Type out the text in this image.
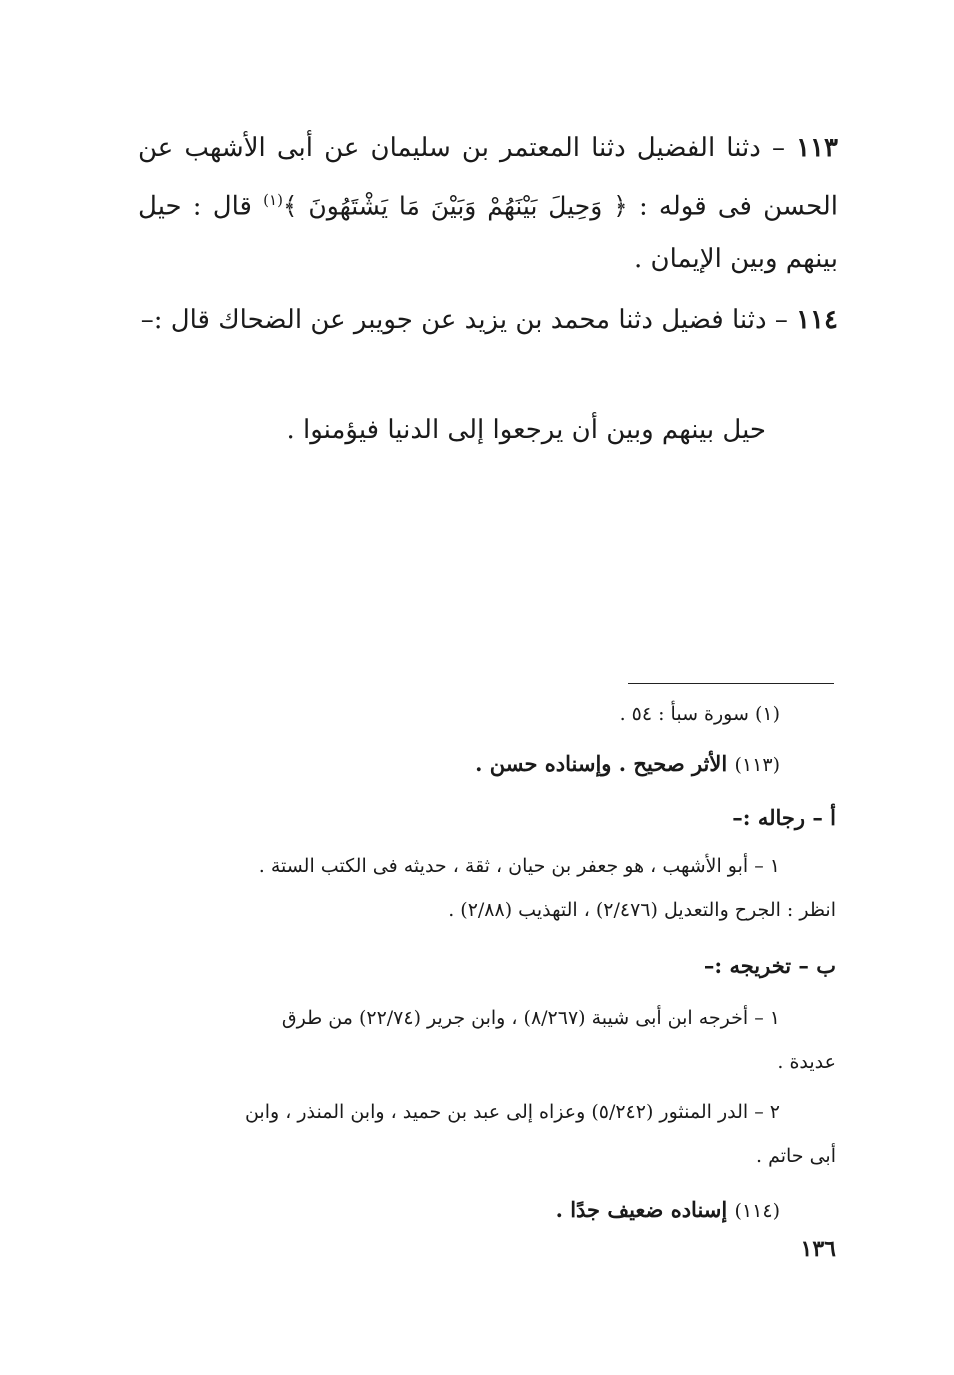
١١٣ – دثنا الفضيل دثنا المعتمر بن سليمان عن أبى الأشهب عن الحسن فى قوله : ﴿ وَحِيلَ بَيْنَهُمْ وَبَيْنَ مَا يَشْتَهُونَ ﴾$^{(١)}$ قال : حيل بينهم وبين الإيمان .

١١٤ – دثنا فضيل دثنا محمد بن يزيد عن جويبر عن الضحاك قال :–

حيل بينهم وبين أن يرجعوا إلى الدنيا فيؤمنوا .
(١) سورة سبأ : ٥٤ .
(١١٣) الأثر صحيح . وإسناده حسن .
أ – رجاله :–
١ – أبو الأشهب ، هو جعفر بن حيان ، ثقة ، حديثه فى الكتب الستة .
انظر : الجرح والتعديل (٢/٤٧٦) ، التهذيب (٢/٨٨) .
ب – تخريجه :–
١ – أخرجه ابن أبى شيبة (٨/٢٦٧) ، وابن جرير (٢٢/٧٤) من طرق
عديدة .
٢ – الدر المنثور (٥/٢٤٢) وعزاه إلى عبد بن حميد ، وابن المنذر ، وابن
أبى حاتم .
(١١٤) إسناده ضعيف جدًا .
١٣٦
